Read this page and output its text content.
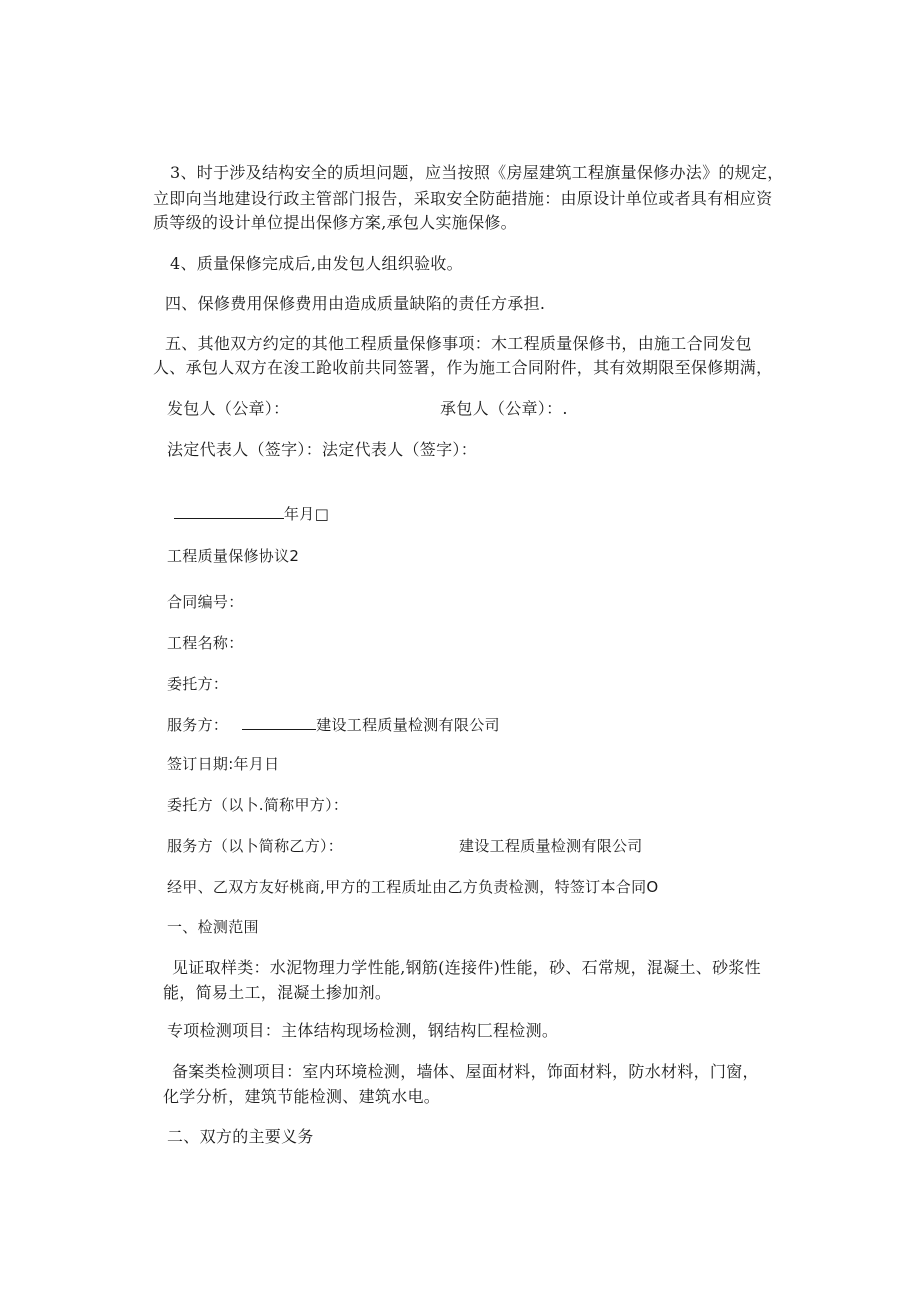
3、时于涉及结构安全的质坦问题，应当按照《房屋建筑工程旗量保修办法》的规定，
立即向当地建设行政主管部门报告，采取安全防葩措施：由原设计单位或者具有相应资
质等级的设计单位提出保修方案,承包人实施保修。
4、质量保修完成后,由发包人组织验收。
四、保修费用保修费用由造成质量缺陷的责任方承担.
五、其他双方约定的其他工程质量保修事项：木工程质量保修书，由施工合同发包
人、承包人双方在浚工跄收前共同签署，作为施工合同附件，其有效期限至保修期满，
发包人（公章）：	承包人（公章）：.
法定代表人（签字）：法定代表人（签字）：
年月□
工程质量保修协议2
合同编号：
工程名称：
委托方：
服务方：	建设工程质量检测有限公司
签订日期:年月日
委托方（以卜.简称甲方）：
服务方（以卜简称乙方）：	建设工程质量检测有限公司
经甲、乙双方友好桃商,甲方的工程质址由乙方负责检测，特签订本合同O
一、检测范围
见证取样类：水泥物理力学性能,钢筋(连接件)性能，砂、石常规，混凝土、砂浆性
能，简易土工，混凝土掺加剂。
专项检测项目：主体结构现场检测，钢结构匚程检测。
备案类检测项目：室内环境检测，墙体、屋面材料，饰面材料，防水材料，门窗，
化学分析，建筑节能检测、建筑水电。
二、双方的主要义务
